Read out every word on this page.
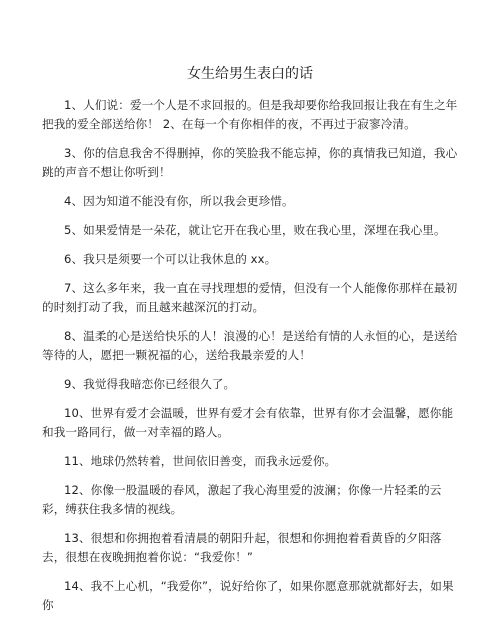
女生给男生表白的话

1、人们说：爱一个人是不求回报的。但是我却要你给我回报让我在有生之年把我的爱全部送给你！ 2、在每一个有你相伴的夜，不再过于寂寥冷清。

3、你的信息我舍不得删掉，你的笑脸我不能忘掉，你的真情我已知道，我心跳的声音不想让你听到！

4、因为知道不能没有你，所以我会更珍惜。

5、如果爱情是一朵花，就让它开在我心里，败在我心里，深埋在我心里。

6、我只是须要一个可以让我休息的 xx。

7、这么多年来，我一直在寻找理想的爱情，但没有一个人能像你那样在最初的时刻打动了我，而且越来越深沉的打动。

8、温柔的心是送给快乐的人！浪漫的心！是送给有情的人永恒的心，是送给等待的人，愿把一颗祝福的心，送给我最亲爱的人！

9、我觉得我暗恋你已经很久了。

10、世界有爱才会温暖，世界有爱才会有依靠，世界有你才会温馨，愿你能和我一路同行，做一对幸福的路人。

11、地球仍然转着，世间依旧善变，而我永远爱你。

12、你像一股温暖的春风，激起了我心海里爱的波澜；你像一片轻柔的云彩，缚获住我多情的视线。

13、很想和你拥抱着看清晨的朝阳升起，很想和你拥抱着看黄昏的夕阳落去，很想在夜晚拥抱着你说：“我爱你！”

14、我不上心机，“我爱你”，说好给你了，如果你愿意那就就都好去，如果你
